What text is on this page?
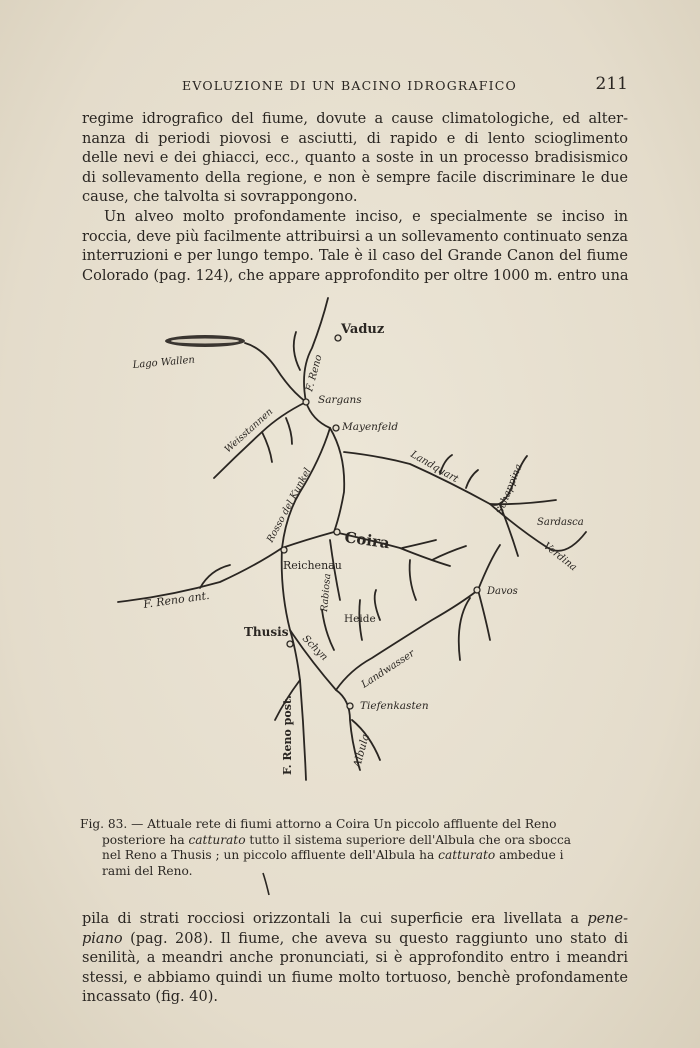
EVOLUZIONE DI UN BACINO IDROGRAFICO	211

regime idrografico del fiume, dovute a cause climatologiche, ed alter-
nanza di periodi piovosi e asciutti, di rapido e di lento scioglimento
delle nevi e dei ghiacci, ecc., quanto a soste in un processo bradisismico
di sollevamento della regione, e non è sempre facile discriminare le due
cause, che talvolta si sovrappongono.

Un alveo molto profondamente inciso, e specialmente se inciso in
roccia, deve più facilmente attribuirsi a un sollevamento continuato senza
interruzioni e per lungo tempo. Tale è il caso del Grande Canon del fiume
Colorado (pag. 124), che appare approfondito per oltre 1000 m. entro una

Vaduz
Lago Wallen	F. Reno
Sargans
Mayenfeld
Weisstannen
Landquart	Schappina
Rosso del Kunkel	Sardasca
Coira
Verdina
Reichenau
F. Reno ant.	Rabiosa	Davos
Heide
Thusis
Schyn	Landwasser
Tiefenkasten
F. Reno post.	Albula

Fig. 83. — Attuale rete di fiumi attorno a Coira Un piccolo affluente del Reno
posteriore ha catturato tutto il sistema superiore dell'Albula che ora sbocca
nel Reno a Thusis ; un piccolo affluente dell'Albula ha catturato ambedue i
rami del Reno.

pila di strati rocciosi orizzontali la cui superficie era livellata a pene-
piano (pag. 208). Il fiume, che aveva su questo raggiunto uno stato di
senilità, a meandri anche pronunciati, si è approfondito entro i meandri
stessi, e abbiamo quindi un fiume molto tortuoso, benchè profondamente
incassato (fig. 40).
